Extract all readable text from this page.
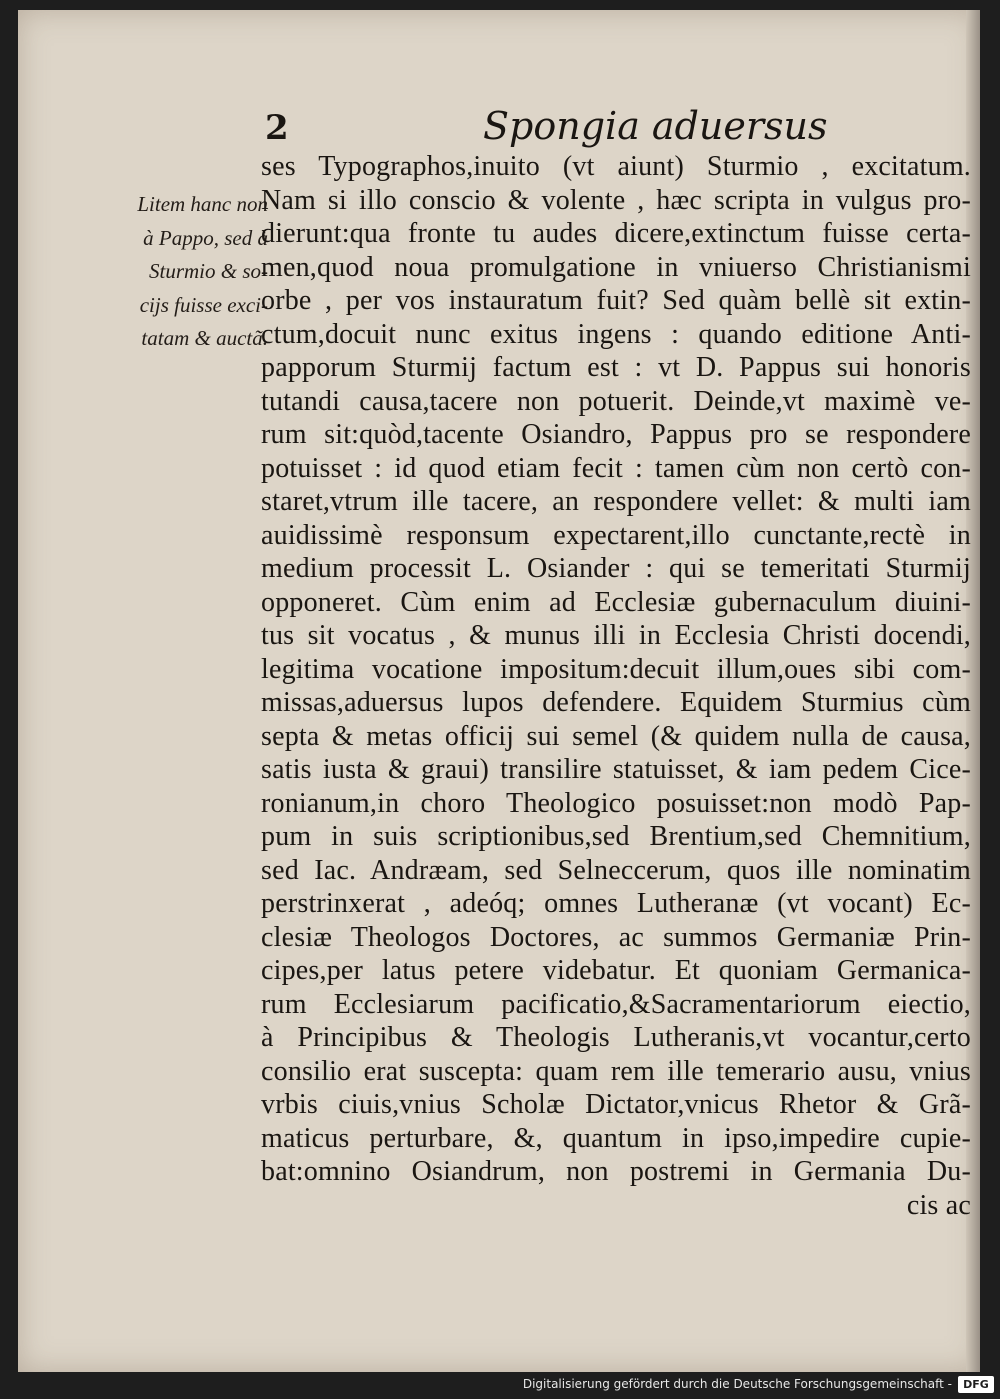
2	Spongia aduersus
Litem hanc non
à Pappo, sed à
Sturmio & so-
cijs fuisse exci-
tatam & auctã.
ses Typographos,inuito (vt aiunt) Sturmio , excitatum.
Nam si illo conscio & volente , hæc scripta in vulgus pro-
dierunt:qua fronte tu audes dicere,extinctum fuisse certa-
men,quod noua promulgatione in vniuerso Christianismi
orbe , per vos instauratum fuit? Sed quàm bellè sit extin-
ctum,docuit nunc exitus ingens : quando editione Anti-
papporum Sturmij factum est : vt D. Pappus sui honoris
tutandi causa,tacere non potuerit. Deinde,vt maximè ve-
rum sit:quòd,tacente Osiandro, Pappus pro se respondere
potuisset : id quod etiam fecit : tamen cùm non certò con-
staret,vtrum ille tacere, an respondere vellet: & multi iam
auidissimè responsum expectarent,illo cunctante,rectè in
medium processit L. Osiander : qui se temeritati Sturmij
opponeret. Cùm enim ad Ecclesiæ gubernaculum diuini-
tus sit vocatus , & munus illi in Ecclesia Christi docendi,
legitima vocatione impositum:decuit illum,oues sibi com-
missas,aduersus lupos defendere. Equidem Sturmius cùm
septa & metas officij sui semel (& quidem nulla de causa,
satis iusta & graui) transilire statuisset, & iam pedem Cice-
ronianum,in choro Theologico posuisset:non modò Pap-
pum in suis scriptionibus,sed Brentium,sed Chemnitium,
sed Iac. Andræam, sed Selneccerum, quos ille nominatim
perstrinxerat , adeóq; omnes Lutheranæ (vt vocant) Ec-
clesiæ Theologos Doctores, ac summos Germaniæ Prin-
cipes,per latus petere videbatur. Et quoniam Germanica-
rum Ecclesiarum pacificatio,&Sacramentariorum eiectio,
à Principibus & Theologis Lutheranis,vt vocantur,certo
consilio erat suscepta: quam rem ille temerario ausu, vnius
vrbis ciuis,vnius Scholæ Dictator,vnicus Rhetor & Grã-
maticus perturbare, &, quantum in ipso,impedire cupie-
bat:omnino Osiandrum, non postremi in Germania Du-
cis ac
Digitalisierung gefördert durch die Deutsche Forschungsgemeinschaft -	DFG
